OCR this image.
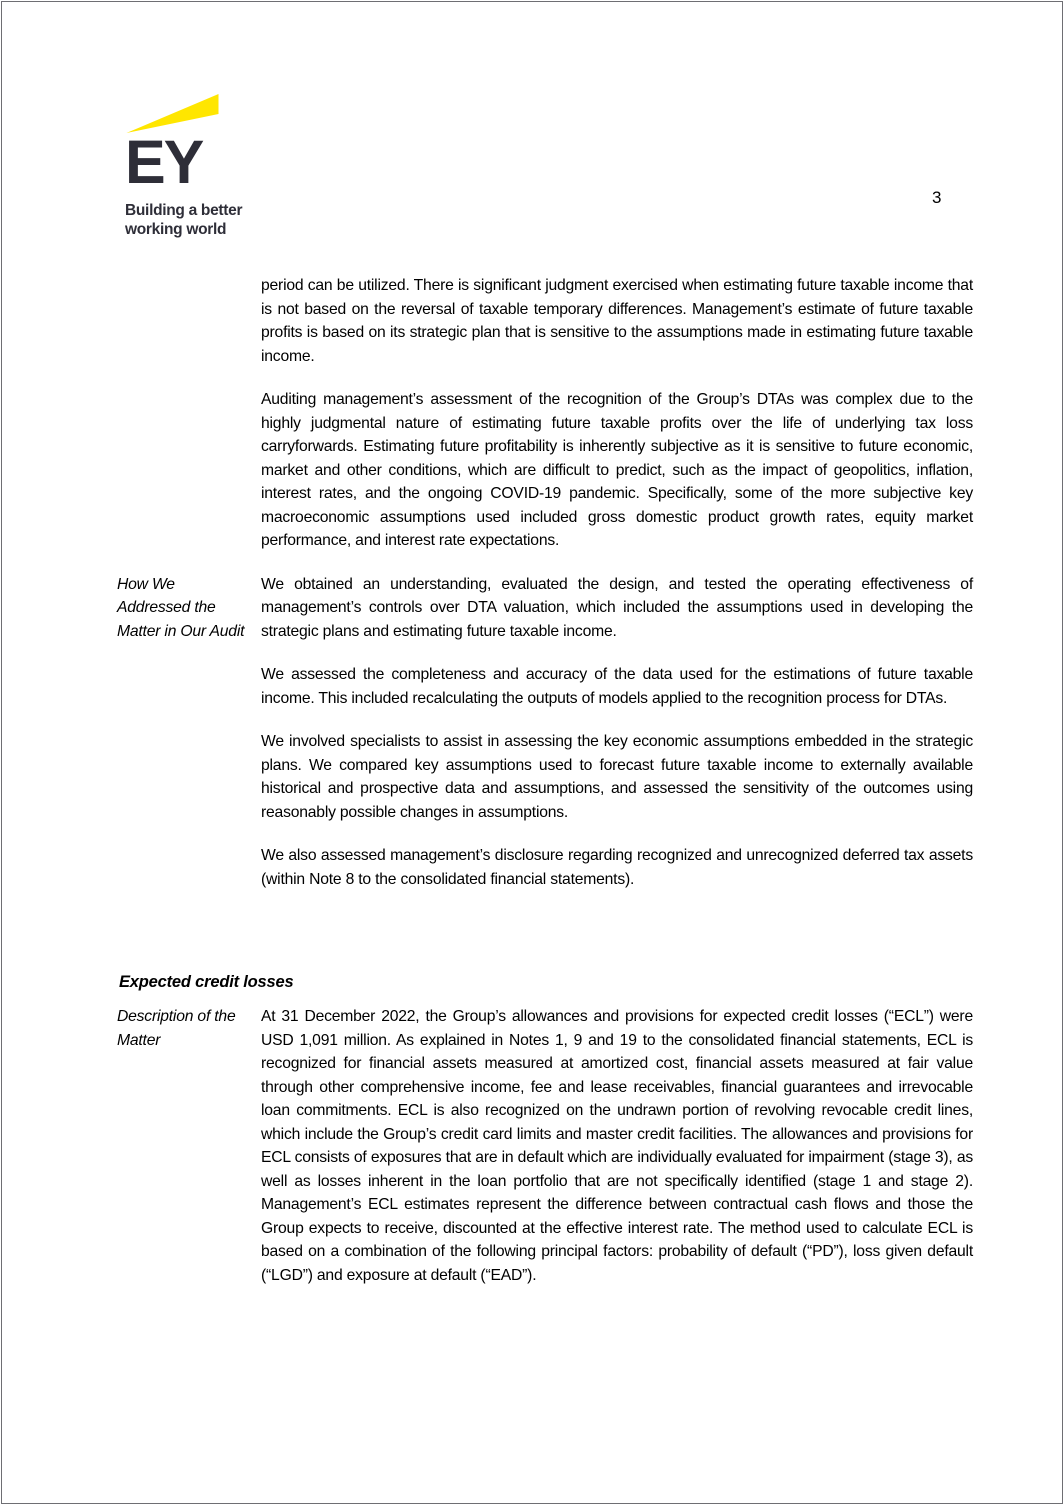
EY
Building a better
working world
3

period can be utilized. There is significant judgment exercised when estimating future taxable income that is not based on the reversal of taxable temporary differences. Management’s estimate of future taxable profits is based on its strategic plan that is sensitive to the assumptions made in estimating future taxable income.

Auditing management’s assessment of the recognition of the Group’s DTAs was complex due to the highly judgmental nature of estimating future taxable profits over the life of underlying tax loss carryforwards. Estimating future profitability is inherently subjective as it is sensitive to future economic, market and other conditions, which are difficult to predict, such as the impact of geopolitics, inflation, interest rates, and the ongoing COVID-19 pandemic. Specifically, some of the more subjective key macroeconomic assumptions used included gross domestic product growth rates, equity market performance, and interest rate expectations.

How We Addressed the Matter in Our Audit

We obtained an understanding, evaluated the design, and tested the operating effectiveness of management’s controls over DTA valuation, which included the assumptions used in developing the strategic plans and estimating future taxable income.

We assessed the completeness and accuracy of the data used for the estimations of future taxable income. This included recalculating the outputs of models applied to the recognition process for DTAs.

We involved specialists to assist in assessing the key economic assumptions embedded in the strategic plans. We compared key assumptions used to forecast future taxable income to externally available historical and prospective data and assumptions, and assessed the sensitivity of the outcomes using reasonably possible changes in assumptions.

We also assessed management’s disclosure regarding recognized and unrecognized deferred tax assets (within Note 8 to the consolidated financial statements).

Expected credit losses
Description of the Matter

At 31 December 2022, the Group’s allowances and provisions for expected credit losses (“ECL”) were USD 1,091 million. As explained in Notes 1, 9 and 19 to the consolidated financial statements, ECL is recognized for financial assets measured at amortized cost, financial assets measured at fair value through other comprehensive income, fee and lease receivables, financial guarantees and irrevocable loan commitments. ECL is also recognized on the undrawn portion of revolving revocable credit lines, which include the Group’s credit card limits and master credit facilities. The allowances and provisions for ECL consists of exposures that are in default which are individually evaluated for impairment (stage 3), as well as losses inherent in the loan portfolio that are not specifically identified (stage 1 and stage 2). Management’s ECL estimates represent the difference between contractual cash flows and those the Group expects to receive, discounted at the effective interest rate. The method used to calculate ECL is based on a combination of the following principal factors: probability of default (“PD”), loss given default (“LGD”) and exposure at default (“EAD”).
